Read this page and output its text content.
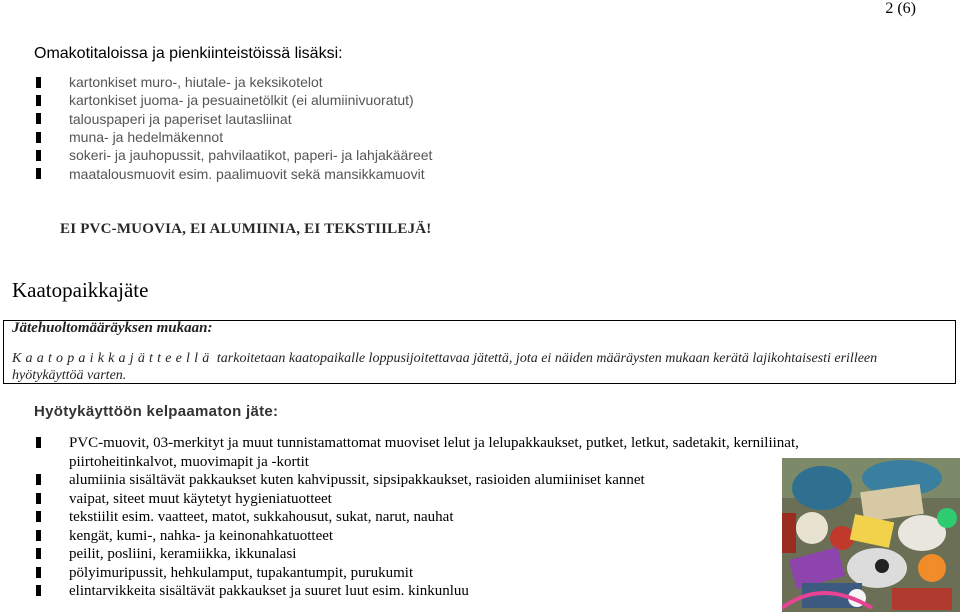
2 (6)
Omakotitaloissa ja pienkiinteistöissä lisäksi:
kartonkiset muro-, hiutale- ja keksikotelot
kartonkiset juoma- ja pesuainetölkit (ei alumiinivuoratut)
talouspaperi ja paperiset lautasliinat
muna- ja hedelmäkennot
sokeri- ja jauhopussit, pahvilaatikot, paperi- ja lahjakääreet
maatalousmuovit esim. paalimuovit sekä mansikkamuovit
EI PVC-MUOVIA, EI ALUMIINIA, EI TEKSTIILEJÄ!
Kaatopaikkajäte
Jätehuoltomääräyksen mukaan:
Kaatopaikkajätteellä tarkoitetaan kaatopaikalle loppusijoitettavaa jätettä, jota ei näiden määräysten mukaan kerätä lajikohtaisesti erilleen hyötykäyttöä varten.
Hyötykäyttöön kelpaamaton jäte:
PVC-muovit, 03-merkityt ja muut tunnistamattomat muoviset lelut ja lelupakkaukset, putket, letkut, sadetakit, kerniliinat, piirtoheitinkalvot, muovimapit ja -kortit
alumiinia sisältävät pakkaukset kuten kahvipussit, sipsipakkaukset, rasioiden alumiiniset kannet
vaipat, siteet muut käytetyt hygieniatuotteet
tekstiilit esim. vaatteet, matot, sukkahousut, sukat, narut, nauhat
kengät, kumi-, nahka- ja keinonahkatuotteet
peilit, posliini, keramiikka, ikkunalasi
pölyimuripussit, hehkulamput, tupakantumpit, purukumit
elintarvikkeita sisältävät pakkaukset ja suuret luut esim. kinkunluu
